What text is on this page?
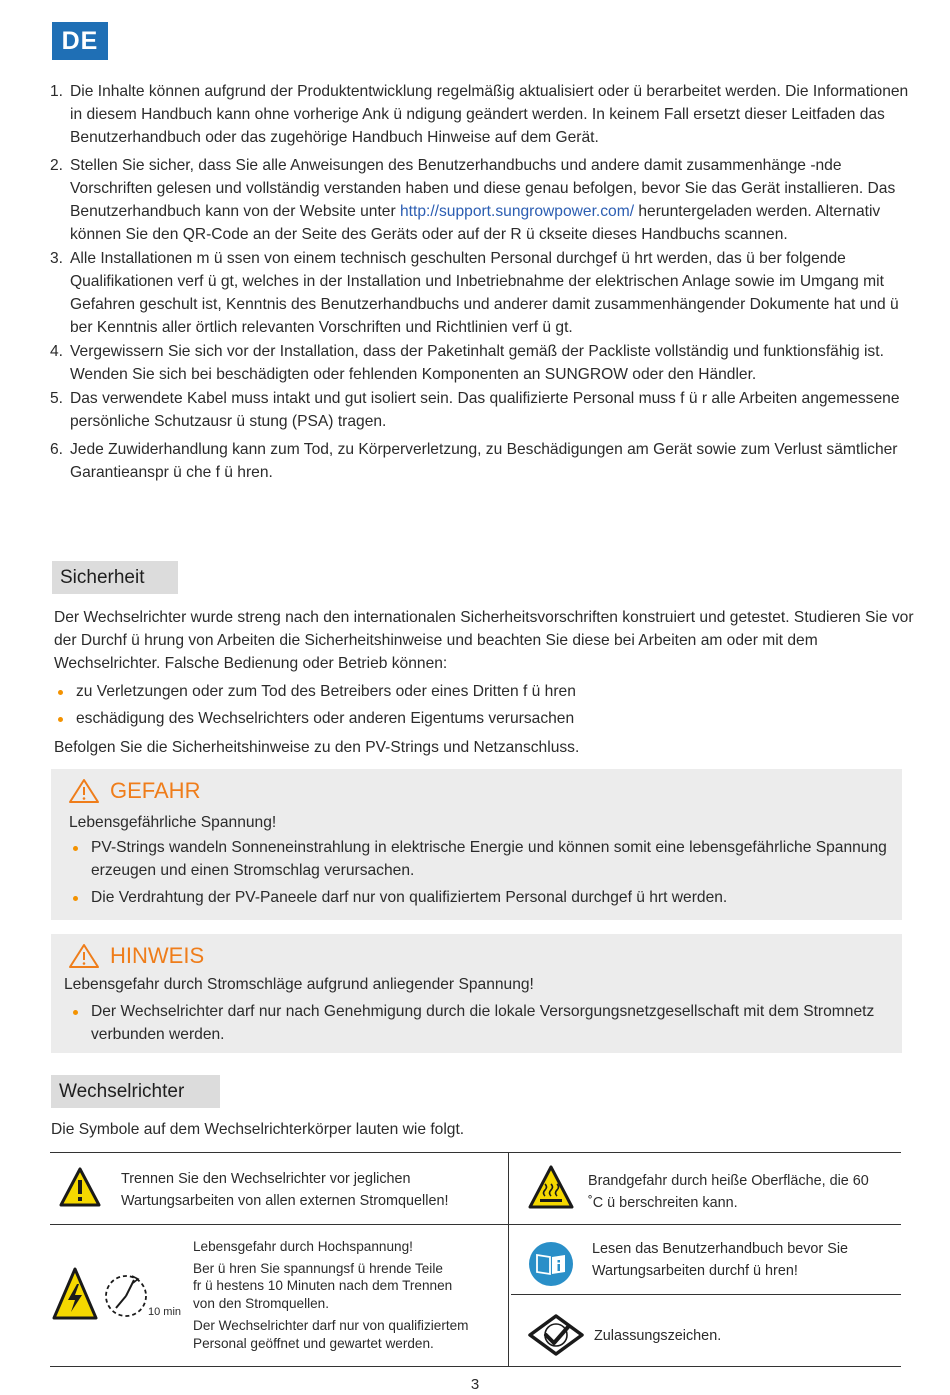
DE
1. Die Inhalte können aufgrund der Produktentwicklung regelmäßig aktualisiert oder ü berarbeitet werden. Die Informationen in diesem Handbuch kann ohne vorherige Ank ü ndigung geändert werden. In keinem Fall ersetzt dieser Leitfaden das Benutzerhandbuch oder das zugehörige Handbuch Hinweise auf dem Gerät.
2. Stellen Sie sicher, dass Sie alle Anweisungen des Benutzerhandbuchs und andere damit zusammenhänge -nde Vorschriften gelesen und vollständig verstanden haben und diese genau befolgen, bevor Sie das Gerät installieren. Das Benutzerhandbuch kann von der Website unter http://support.sungrowpower.com/ heruntergeladen werden. Alternativ können Sie den QR-Code an der Seite des Geräts oder auf der R ü ckseite dieses Handbuchs scannen.
3. Alle Installationen m ü ssen von einem technisch geschulten Personal durchgef ü hrt werden, das ü ber folgende Qualifikationen verf ü gt, welches in der Installation und Inbetriebnahme der elektrischen Anlage sowie im Umgang mit Gefahren geschult ist, Kenntnis des Benutzerhandbuchs und anderer damit zusammenhängender Dokumente hat und ü ber Kenntnis aller örtlich relevanten Vorschriften und Richtlinien verf ü gt.
4. Vergewissern Sie sich vor der Installation, dass der Paketinhalt gemäß der Packliste vollständig und funktionsfähig ist. Wenden Sie sich bei beschädigten oder fehlenden Komponenten an SUNGROW oder den Händler.
5. Das verwendete Kabel muss intakt und gut isoliert sein. Das qualifizierte Personal muss f ü r alle Arbeiten angemessene persönliche Schutzausr ü stung (PSA) tragen.
6. Jede Zuwiderhandlung kann zum Tod, zu Körperverletzung, zu Beschädigungen am Gerät sowie zum Verlust sämtlicher Garantieanspr ü che f ü hren.
Sicherheit

Der Wechselrichter wurde streng nach den internationalen Sicherheitsvorschriften konstruiert und getestet. Studieren Sie vor der Durchf ü hrung von Arbeiten die Sicherheitshinweise und beachten Sie diese bei Arbeiten am oder mit dem Wechselrichter. Falsche Bedienung oder Betrieb können:

zu Verletzungen oder zum Tod des Betreibers oder eines Dritten f ü hren
eschädigung des Wechselrichters oder anderen Eigentums verursachen

Befolgen Sie die Sicherheitshinweise zu den PV-Strings und Netzanschluss.

GEFAHR
Lebensgefährliche Spannung!
PV-Strings wandeln Sonneneinstrahlung in elektrische Energie und können somit eine lebensgefährliche Spannung erzeugen und einen Stromschlag verursachen.
Die Verdrahtung der PV-Paneele darf nur von qualifiziertem Personal durchgef ü hrt werden.
HINWEIS
Lebensgefahr durch Stromschläge aufgrund anliegender Spannung!
Der Wechselrichter darf nur nach Genehmigung durch die lokale Versorgungsnetzgesellschaft mit dem Stromnetz verbunden werden.
Wechselrichter

Die Symbole auf dem Wechselrichterkörper lauten wie folgt.

Trennen Sie den Wechselrichter vor jeglichen
Wartungsarbeiten von allen externen Stromquellen!
Brandgefahr durch heiße Oberfläche, die 60
˚C ü berschreiten kann.
10 min
Lebensgefahr durch Hochspannung!
Ber ü hren Sie spannungsf ü hrende Teile
fr ü hestens 10 Minuten nach dem Trennen
von den Stromquellen.
Der Wechselrichter darf nur von qualifiziertem
Personal geöffnet und gewartet werden.
Lesen das Benutzerhandbuch bevor Sie
Wartungsarbeiten durchf ü hren!
Zulassungszeichen.
3
